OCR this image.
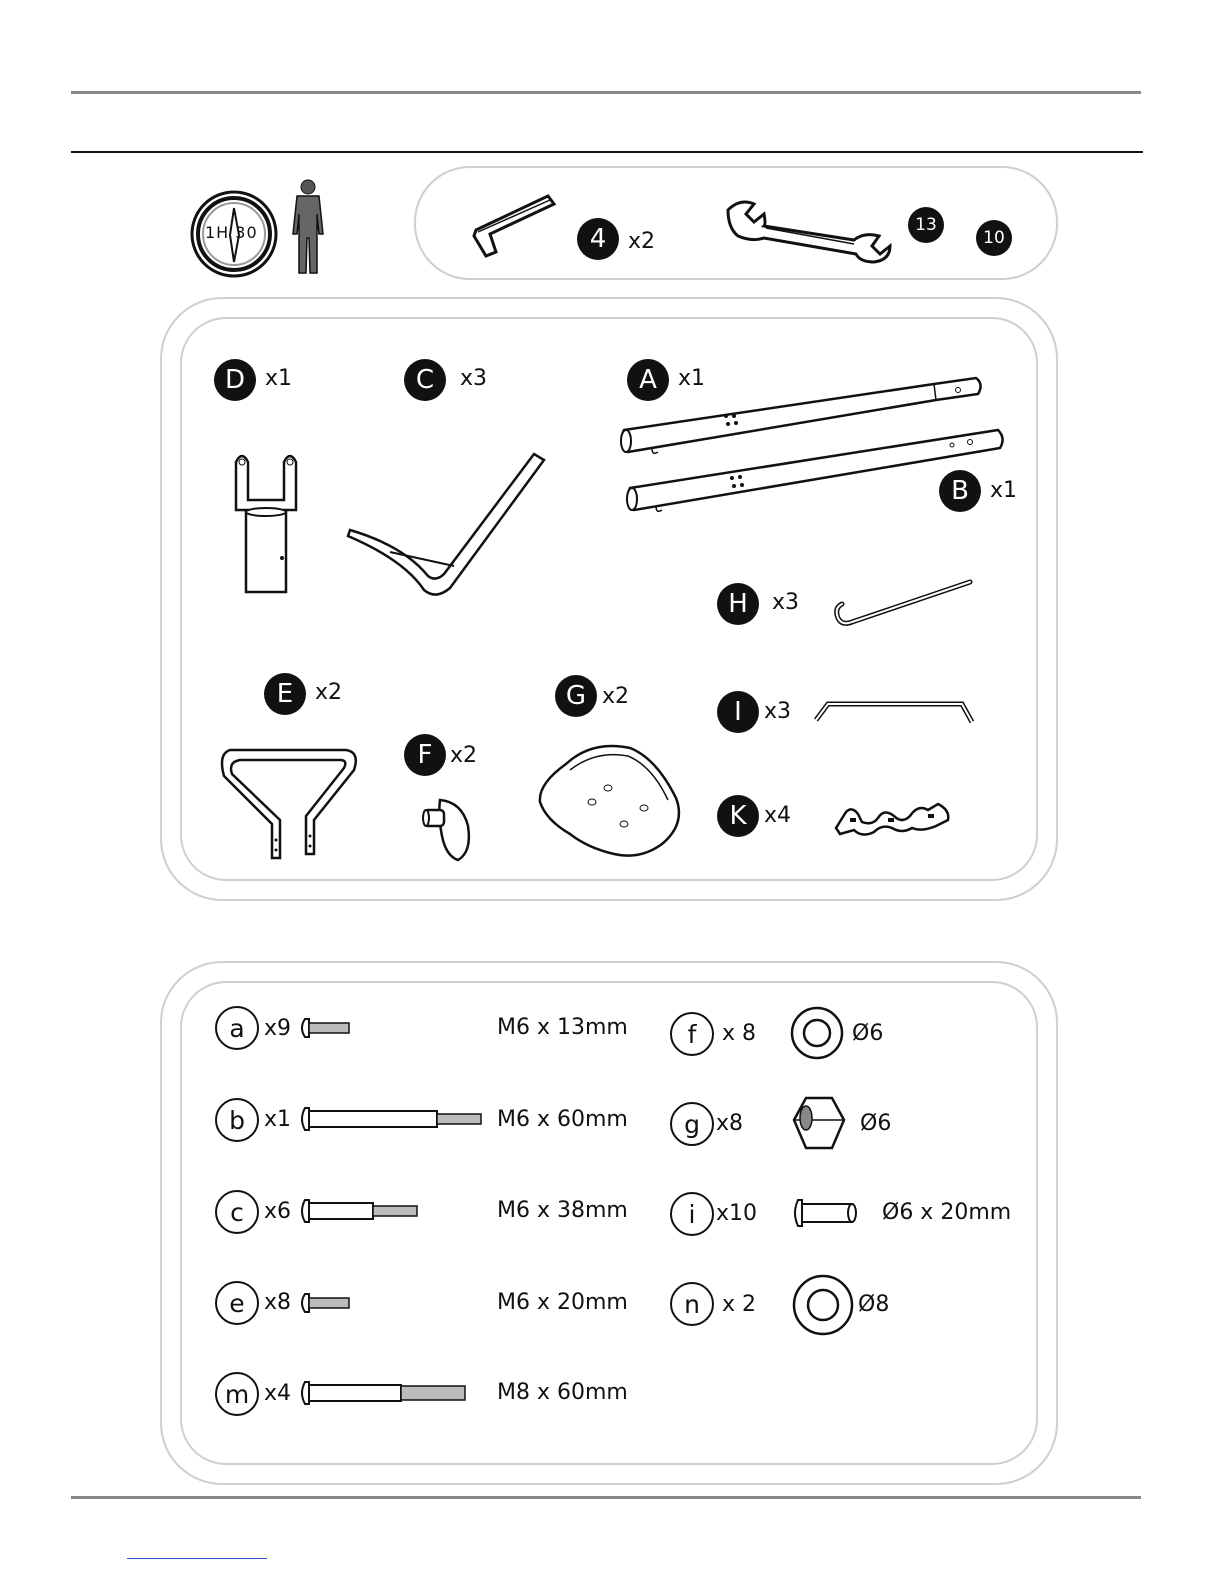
1H 30	4 x2
13
10
D x1	C	x3	A x1
B x1
H	x3
E x2	G x2
F x2
I	x3
K x4
a x9	M6 x 13mm
b x1	M6 x 60mm
c x6	M6 x 38mm
e x8	M6 x 20mm
m x4	M8 x 60mm
f	x 8	Ø6
g x8	Ø6
i x10	Ø6 x 20mm
n	x 2	Ø8
